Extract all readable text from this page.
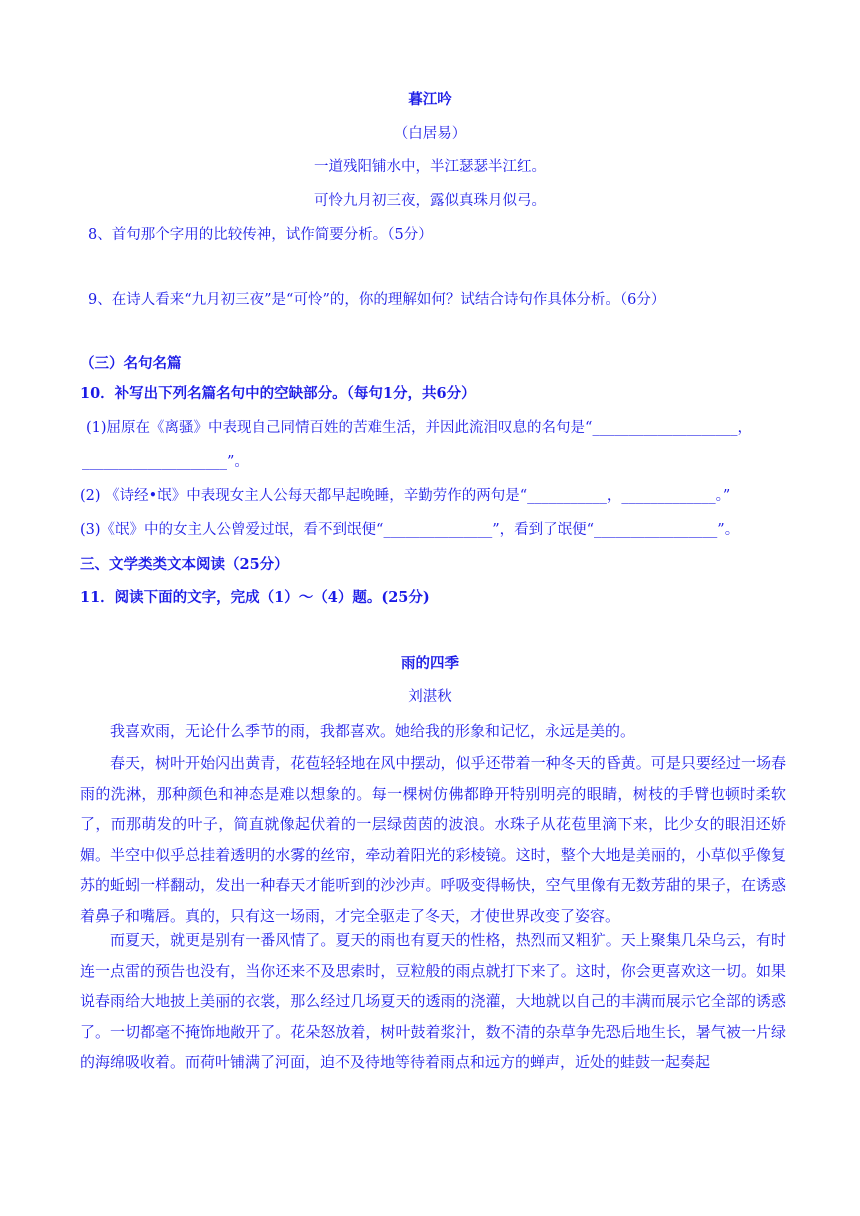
暮江吟
（白居易）
一道残阳铺水中，半江瑟瑟半江红。
可怜九月初三夜，露似真珠月似弓。
8、首句那个字用的比较传神，试作简要分析。（5分）
9、在诗人看来“九月初三夜”是“可怜”的，你的理解如何？试结合诗句作具体分析。（6分）
（三）名句名篇
10．补写出下列名篇名句中的空缺部分。（每句1分，共6分）
(1)屈原在《离骚》中表现自己同情百姓的苦难生活，并因此流泪叹息的名句是“____________________，
____________________”。
(2) 《诗经•氓》中表现女主人公每天都早起晚睡，辛勤劳作的两句是“___________，_____________。”
(3)《氓》中的女主人公曾爱过氓，看不到氓便“_______________”，看到了氓便“_________________”。
三、文学类类文本阅读（25分）
11．阅读下面的文字，完成（1）～（4）题。(25分)
雨的四季
刘湛秋
我喜欢雨，无论什么季节的雨，我都喜欢。她给我的形象和记忆，永远是美的。
春天，树叶开始闪出黄青，花苞轻轻地在风中摆动，似乎还带着一种冬天的昏黄。可是只要经过一场春雨的洗淋，那种颜色和神态是难以想象的。每一棵树仿佛都睁开特别明亮的眼睛，树枝的手臂也顿时柔软了，而那萌发的叶子，简直就像起伏着的一层绿茵茵的波浪。水珠子从花苞里滴下来，比少女的眼泪还娇媚。半空中似乎总挂着透明的水雾的丝帘，牵动着阳光的彩棱镜。这时，整个大地是美丽的，小草似乎像复苏的蚯蚓一样翻动，发出一种春天才能听到的沙沙声。呼吸变得畅快，空气里像有无数芳甜的果子，在诱惑着鼻子和嘴唇。真的，只有这一场雨，才完全驱走了冬天，才使世界改变了姿容。
而夏天，就更是别有一番风情了。夏天的雨也有夏天的性格，热烈而又粗犷。天上聚集几朵乌云，有时连一点雷的预告也没有，当你还来不及思索时，豆粒般的雨点就打下来了。这时，你会更喜欢这一切。如果说春雨给大地披上美丽的衣裳，那么经过几场夏天的透雨的浇灌，大地就以自己的丰满而展示它全部的诱惑了。一切都毫不掩饰地敞开了。花朵怒放着，树叶鼓着浆汁，数不清的杂草争先恐后地生长，暑气被一片绿的海绵吸收着。而荷叶铺满了河面，迫不及待地等待着雨点和远方的蝉声，近处的蛙鼓一起奏起
